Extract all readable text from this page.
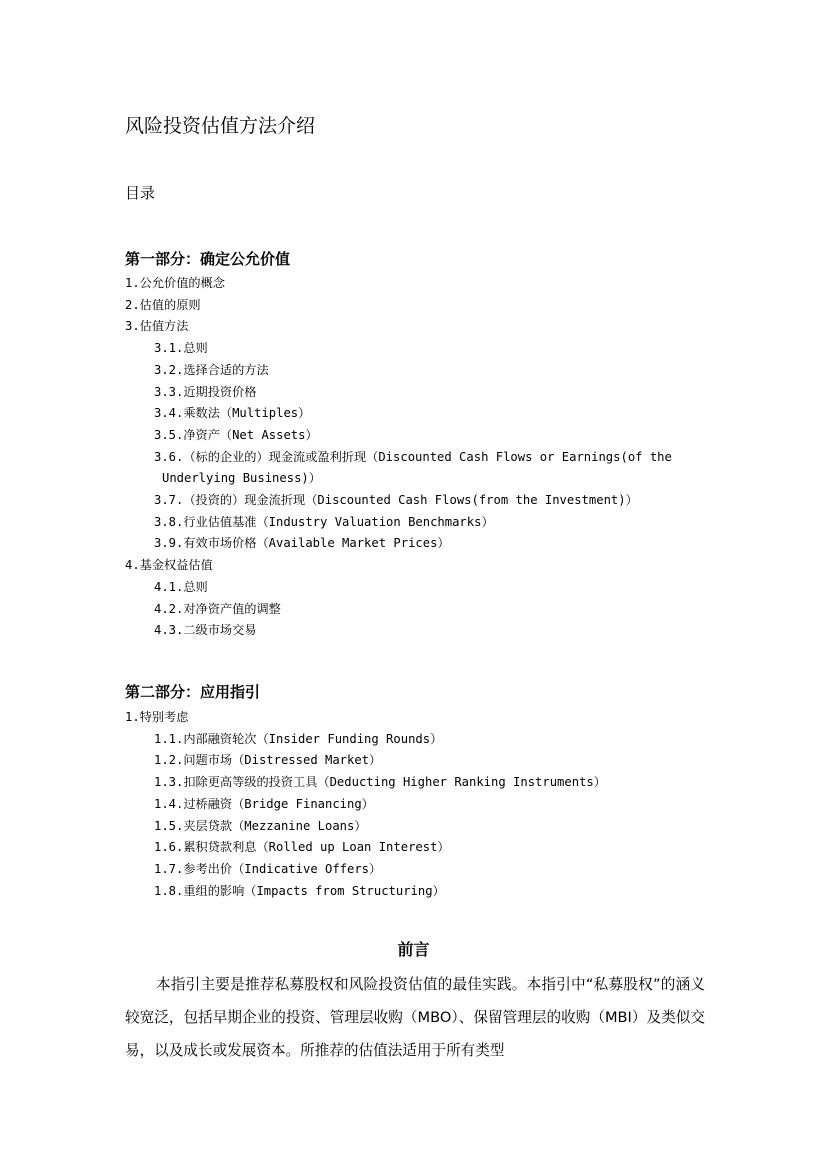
风险投资估值方法介绍
目录
第一部分：确定公允价值
1.公允价值的概念
2.估值的原则
3.估值方法
3.1.总则
3.2.选择合适的方法
3.3.近期投资价格
3.4.乘数法（Multiples）
3.5.净资产（Net Assets）
3.6.（标的企业的）现金流或盈利折现（Discounted Cash Flows or Earnings(of the Underlying Business)）
3.7.（投资的）现金流折现（Discounted Cash Flows(from the Investment)）
3.8.行业估值基准（Industry Valuation Benchmarks）
3.9.有效市场价格（Available Market Prices）
4.基金权益估值
4.1.总则
4.2.对净资产值的调整
4.3.二级市场交易
第二部分：应用指引
1.特别考虑
1.1.内部融资轮次（Insider Funding Rounds）
1.2.问题市场（Distressed Market）
1.3.扣除更高等级的投资工具（Deducting Higher Ranking Instruments）
1.4.过桥融资（Bridge Financing）
1.5.夹层贷款（Mezzanine Loans）
1.6.累积贷款利息（Rolled up Loan Interest）
1.7.参考出价（Indicative Offers）
1.8.重组的影响（Impacts from Structuring）
前言
本指引主要是推荐私募股权和风险投资估值的最佳实践。本指引中“私募股权”的涵义较宽泛，包括早期企业的投资、管理层收购（MBO）、保留管理层的收购（MBI）及类似交易，以及成长或发展资本。所推荐的估值法适用于所有类型
